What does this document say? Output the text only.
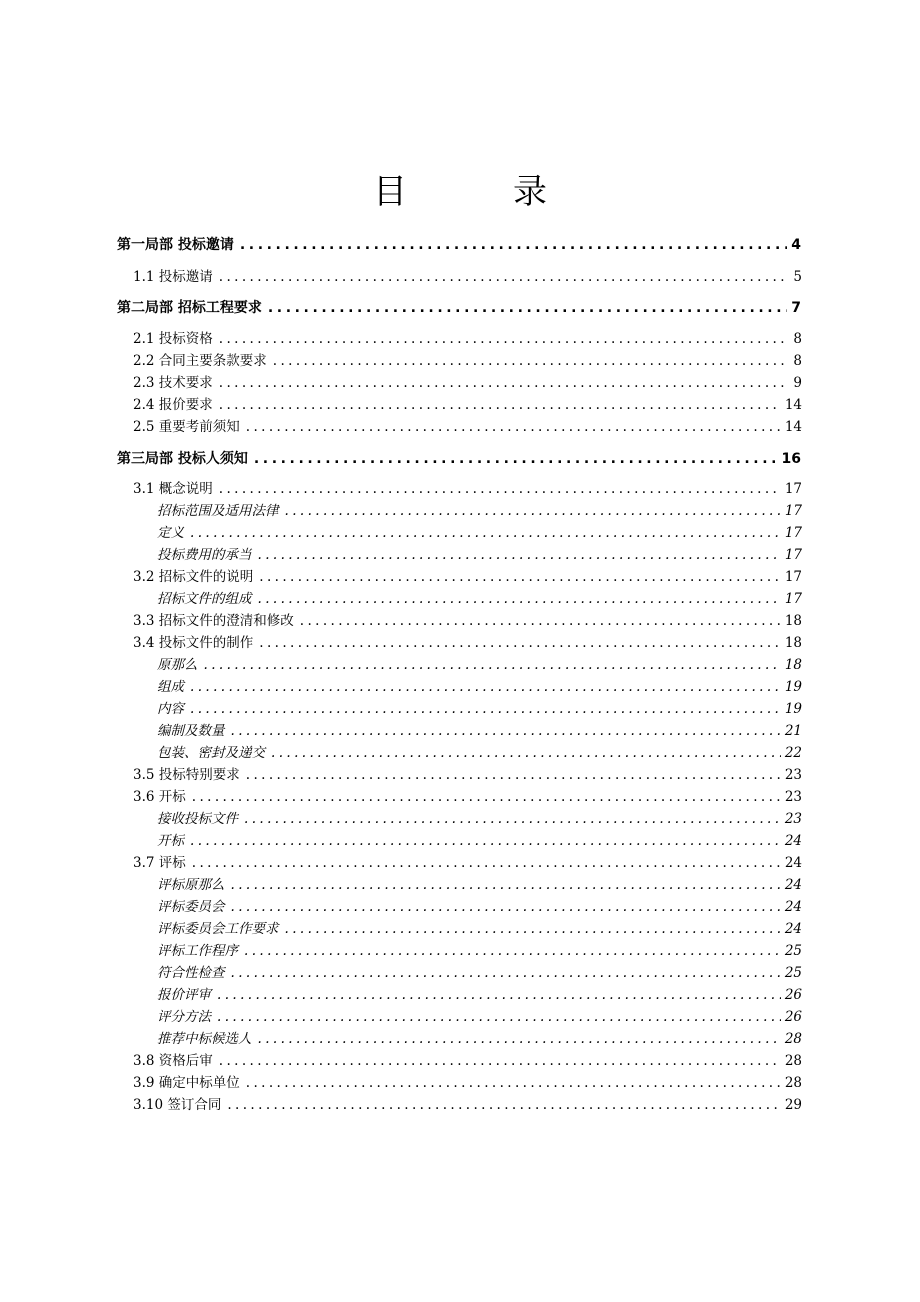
目　录
第一局部 投标邀请 .....	4
1.1 投标邀请 .....	5
第二局部 招标工程要求 .....	7
2.1 投标资格 .....	8
2.2 合同主要条款要求 .....	8
2.3 技术要求 .....	9
2.4 报价要求 .....	14
2.5 重要考前须知 .....	14
第三局部 投标人须知 .....	16
3.1 概念说明 .....	17
招标范围及适用法律 .....	17
定义 .....	17
投标费用的承当 .....	17
3.2 招标文件的说明 .....	17
招标文件的组成 .....	17
3.3 招标文件的澄清和修改 .....	18
3.4 投标文件的制作 .....	18
原那么 .....	18
组成 .....	19
内容 .....	19
编制及数量 .....	21
包装、密封及递交 .....	22
3.5 投标特别要求 .....	23
3.6 开标 .....	23
接收投标文件 .....	23
开标 .....	24
3.7 评标 .....	24
评标原那么 .....	24
评标委员会 .....	24
评标委员会工作要求 .....	24
评标工作程序 .....	25
符合性检查 .....	25
报价评审 .....	26
评分方法 .....	26
推荐中标候选人 .....	28
3.8 资格后审 .....	28
3.9 确定中标单位 .....	28
3.10 签订合同 .....	29
